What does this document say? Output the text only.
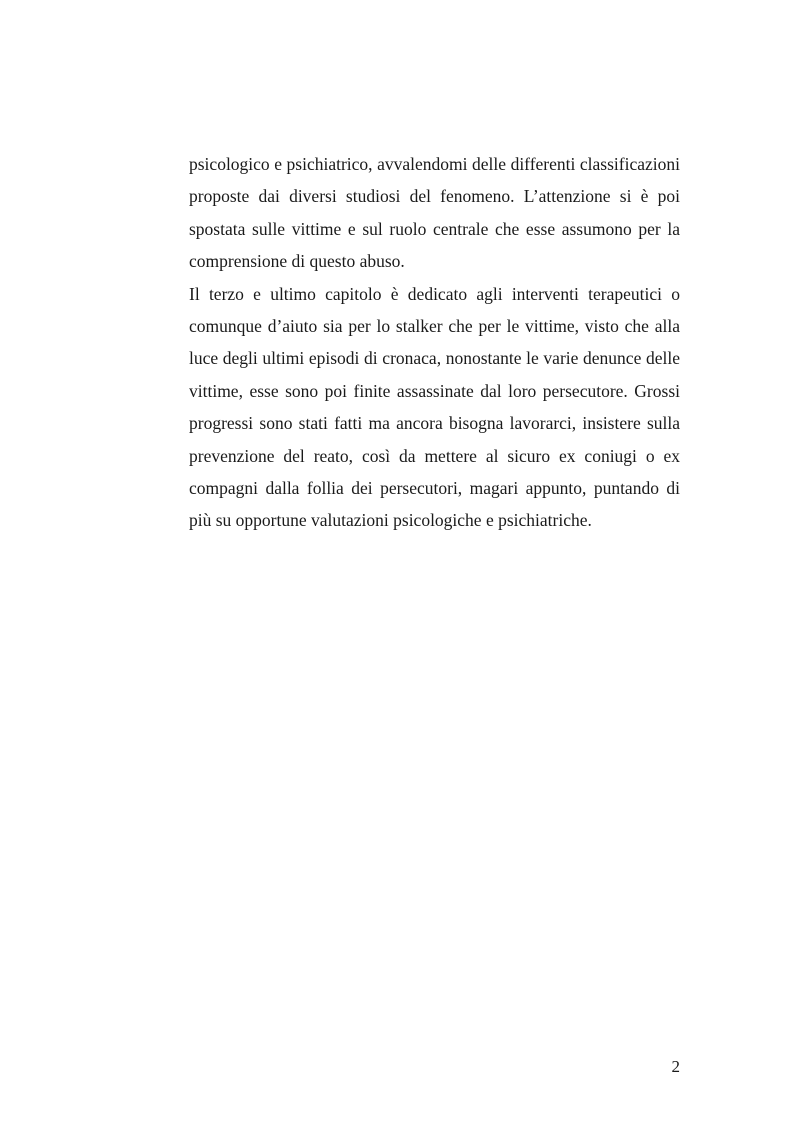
psicologico e psichiatrico, avvalendomi delle differenti classificazioni proposte dai diversi studiosi del fenomeno. L’attenzione si è poi spostata sulle vittime e sul ruolo centrale che esse assumono per la comprensione di questo abuso.

Il terzo e ultimo capitolo è dedicato agli interventi terapeutici o comunque d’aiuto sia per lo stalker che per le vittime, visto che alla luce degli ultimi episodi di cronaca, nonostante le varie denunce delle vittime, esse sono poi finite assassinate dal loro persecutore. Grossi progressi sono stati fatti ma ancora bisogna lavorarci, insistere sulla prevenzione del reato, così da mettere al sicuro ex coniugi o ex compagni dalla follia dei persecutori, magari appunto, puntando di più su opportune valutazioni psicologiche e psichiatriche.

2
